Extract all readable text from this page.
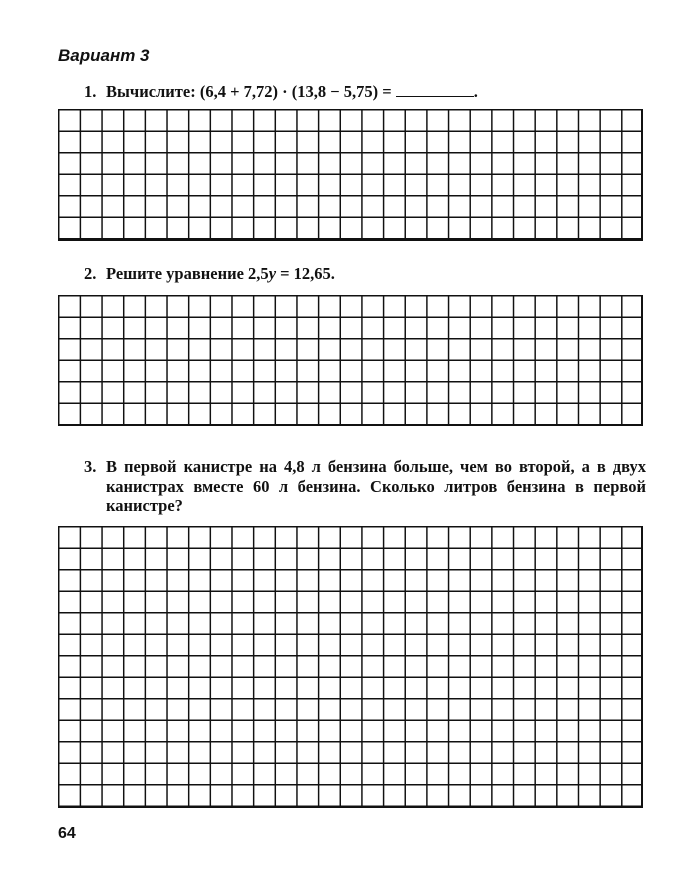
Вариант 3
1. Вычислите: (6,4 + 7,72) · (13,8 − 5,75) =	.
2. Решите уравнение 2,5y = 12,65.
3. В первой канистре на 4,8 л бензина больше, чем во второй, а в двух канистрах вместе 60 л бензина. Сколько литров бензина в первой канистре?
64
